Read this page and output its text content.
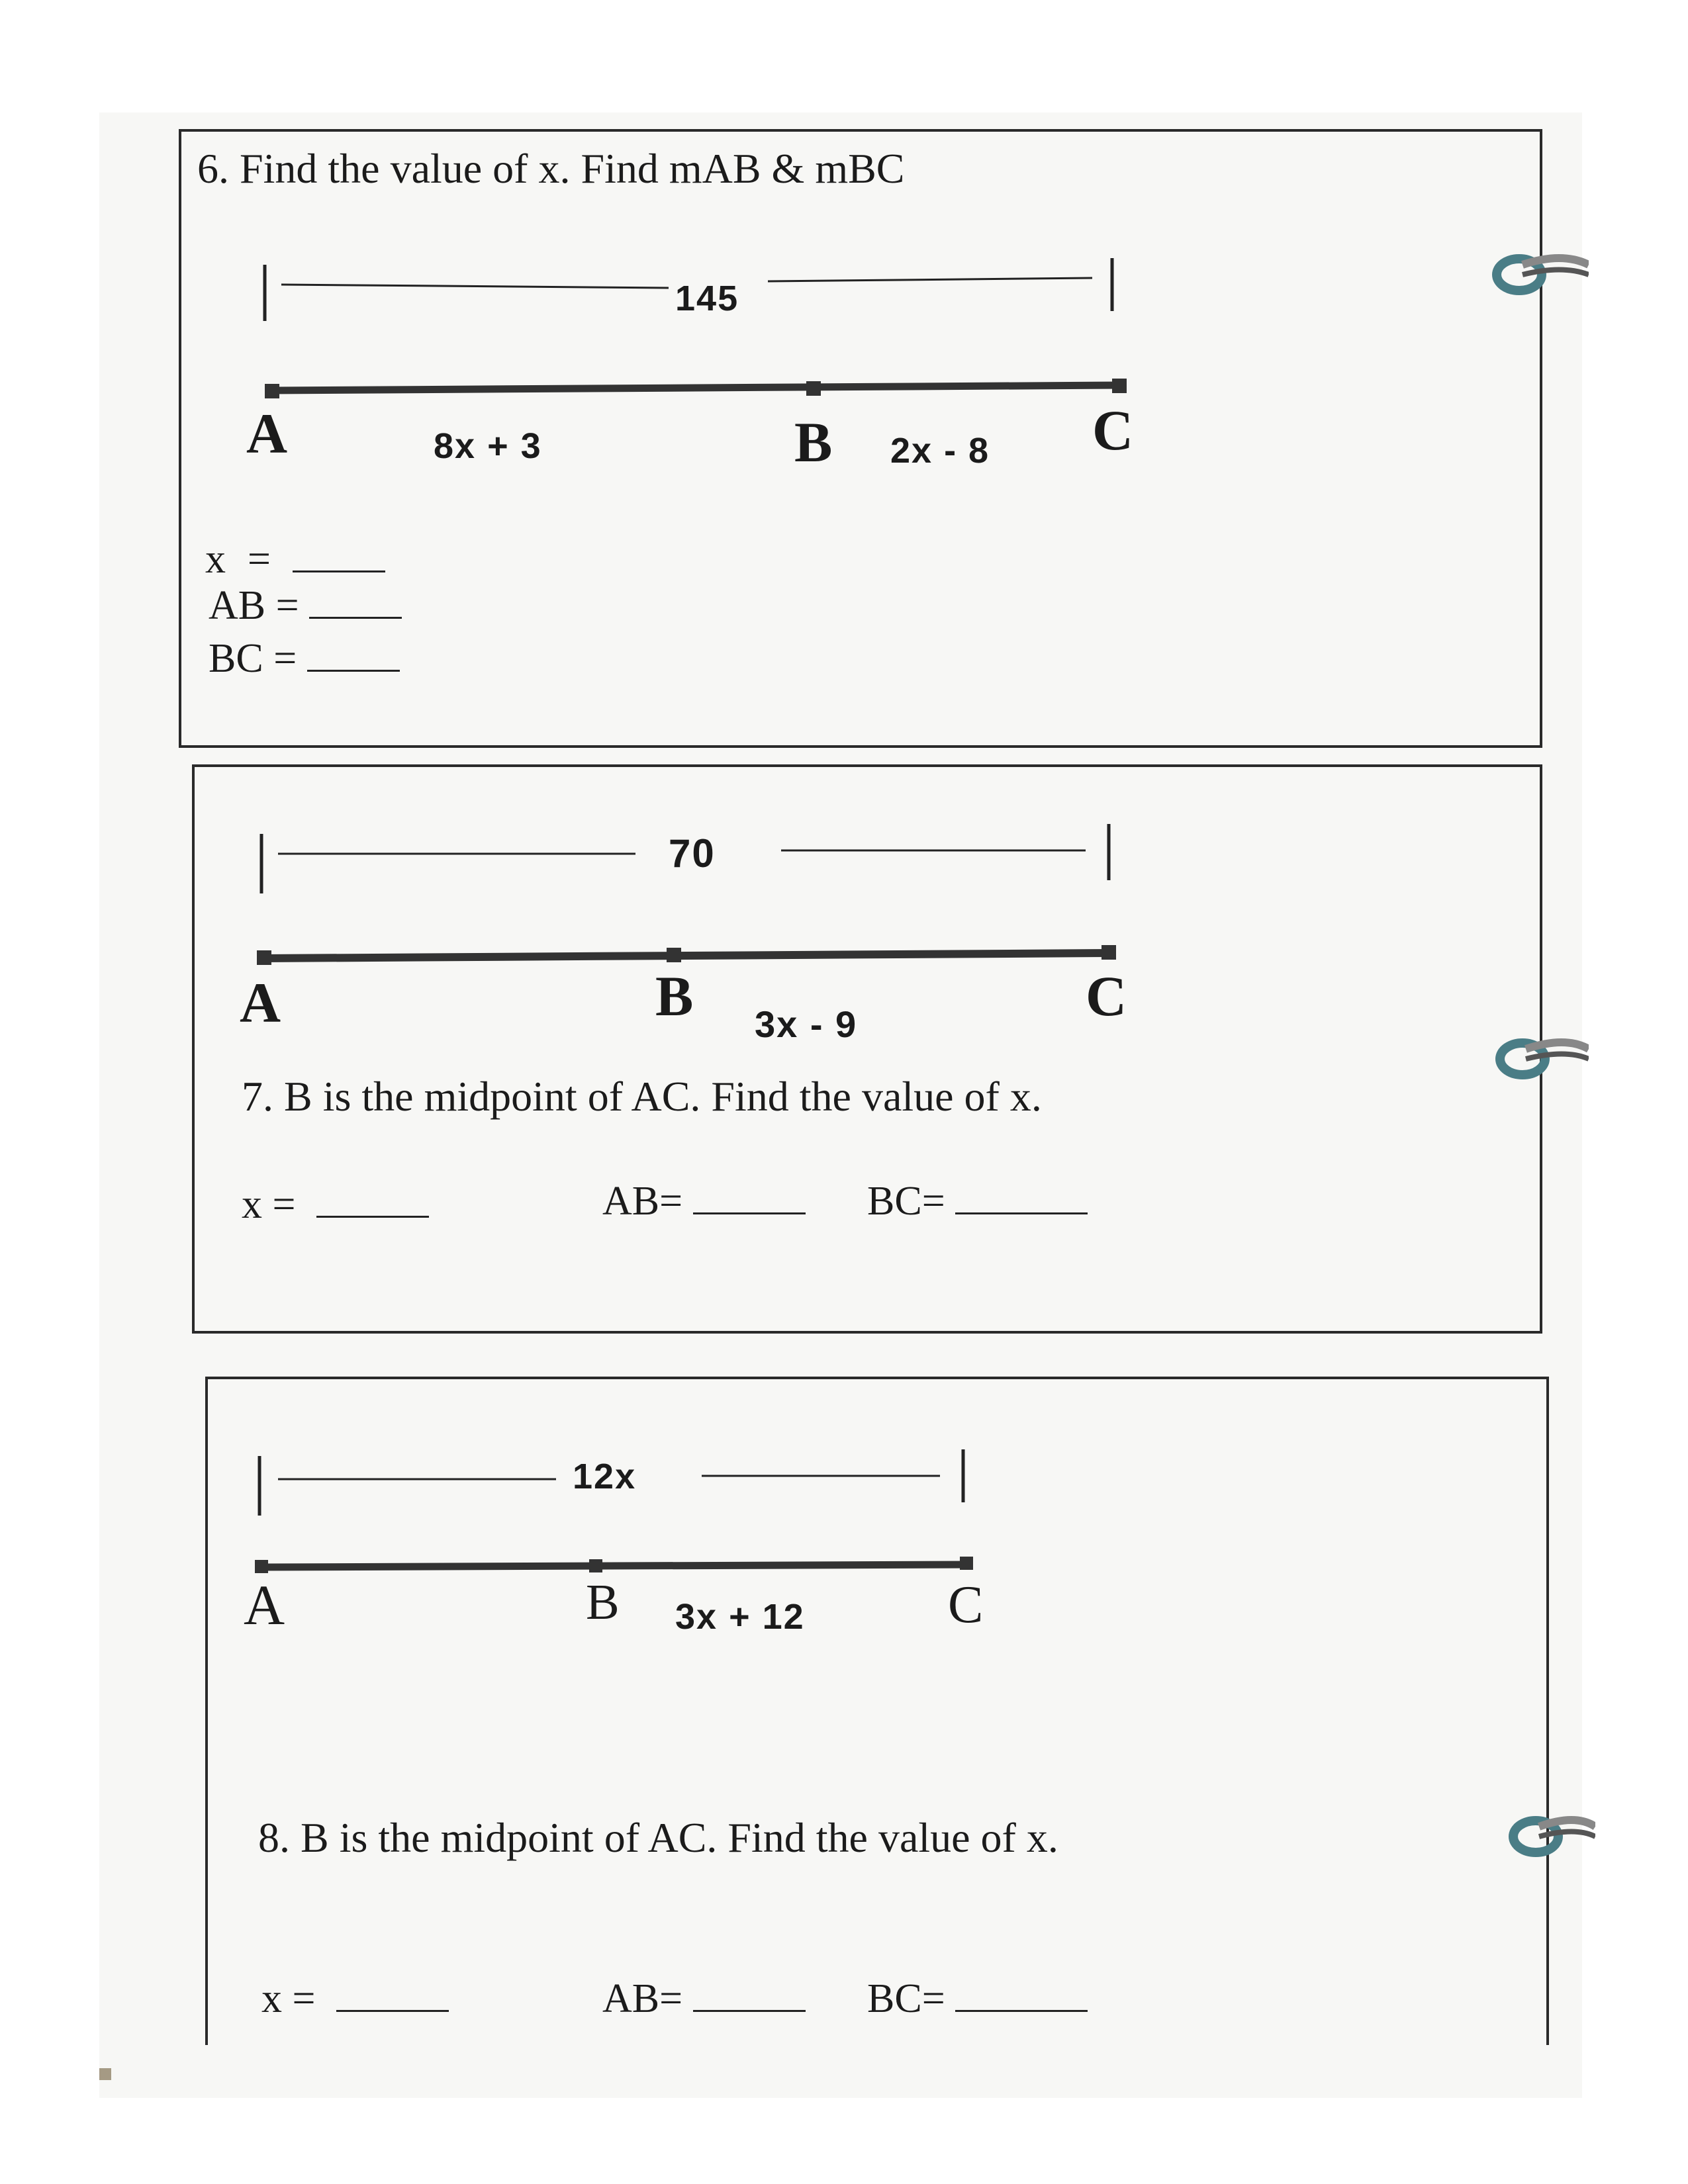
6. Find the value of x. Find mAB & mBC
145
A	8x + 3	B 2x - 8 C
x =
AB =
BC =
70
A	B 3x - 9	C
7. B is the midpoint of AC. Find the value of x.
x =	AB=	BC=
12x
A	B 3x + 12	C
8. B is the midpoint of AC. Find the value of x.
x =	AB=	BC=
